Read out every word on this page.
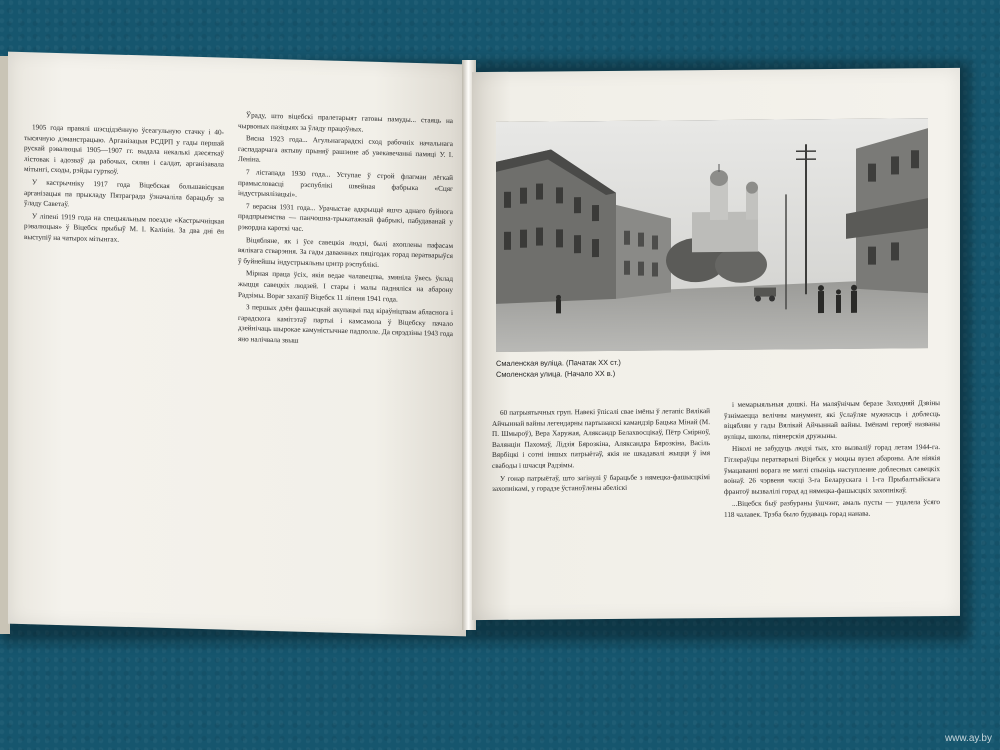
1905 года правялі шэсцідзённую ўсеагульную стачку і 40-тысячную дэманстрацыю. Арганізацыя РСДРП у гады першай рускай рэвалюцыі 1905—1907 гг. выдала некалькі дзесяткаў лістовак і адозваў да рабочых, сялян і салдат, арганізавала мітынгі, сходы, рэйды гурткоў.

У кастрычніку 1917 года Віцебская большавісцкая арганізацыя па прыкладу Пятраграда ўзначаліла барацьбу за ўладу Саветаў.

У ліпені 1919 года на спецыяльным поездзе «Кастрычніцкая рэвалюцыя» ў Віцебск прыбыў М. І. Калінін. За два дні ён выступіў на чатырох мітынгах.

Ўраду, што віцебскі пралетарыят гатовы памуды... стаяць на чырвоных пазіцыях за ўладу працоўных.

Вясна 1923 года... Агульнагарадскі сход рабочніх начальнага гаспадарчага актыву прыняў рашэнне аб увекавечанні памяці У. І. Леніна.

7 лістапада 1930 года... Уступае ў строй флагман лёгкай прамысловасці рэспублікі швейная фабрыка «Сцяг індустрыялізацыі».

7 верасня 1931 года... Урачыстае адкрыццё яшчэ аднаго буйнога прадпрыемства — панчошна-трыкатажнай фабрыкі, пабудаванай у рэкордна кароткі час.

Віцябляне, як і ўсе савецкія людзі, былі ахоплены пафасам вялікага стварэння. За гады даваенных пяцігодак горад ператварыўся ў буйнейшы індустрыяльны цэнтр рэспублікі.

Мірная праца ўсіх, якія ведае чалавецтва, змяніла ўвесь ўклад жыцця савецкіх людзей. І стары і малы падняліся на абарону Радзімы. Вораг захапіў Віцебск 11 ліпеня 1941 года.

З першых дзён фашысцкай акупацыі пад кіраўніцтвам абласнога і гарадскога камітэтаў партыі і камсамола ў Віцебску пачало дзейнічаць шырокае камуністычнае падполле. Да сярэдзіны 1943 года яно налічвала звыш

Смаленская вуліца. (Пачатак XX ст.)
Смоленская улица. (Начало XX в.)

60 патрыятычных груп. Навекі ўпісалі свае імёны ў летапіс Вялікай Айчыннай вайны легендарны партызанскі камандзір Бацька Мінай (М. П. Шмыроў), Вера Харужая, Аляксандр Белахвосцікаў, Пётр Смірноў, Валянцін Пахомаў, Лідзія Бярозкіна, Аляксандра Бярозкіна, Васіль Вярбіцкі і сотні іншых патрыётаў, якія не шкадавалі жыцця ў імя свабоды і шчасця Радзімы.

У гонар патрыётаў, што загінулі ў барацьбе з нямецка-фашысцкімі захопнікамі, у горадзе ўстаноўлены абеліскі

і мемарыяльныя дошкі. На маляўнічым беразе Заходняй Дзвіны ўзнімаецца велічны манумент, які ўслаўляе мужнасць і доблесць віцяблян у гады Вялікай Айчыннай вайны. Імёнамі герояў названы вуліцы, школы, піянерскія дружыны.

Ніколі не забудуць людзі тых, хто вызваліў горад летам 1944-га. Гітлераўцы ператварылі Віцебск у моцны вузел абароны. Але ніякія ўмацаванні ворага не маглі спыніць наступленне доблесных савецкіх воінаў. 26 чэрвеня часці 3-га Беларускага і 1-га Прыбалтыйскага франтоў вызвалілі горад ад нямецка-фашысцкіх захопнікаў.

...Віцебск быў разбураны ўшчэнт, амаль пусты — уцалела ўсяго 118 чалавек. Трэба было будаваць горад нанава.

www.ay.by
